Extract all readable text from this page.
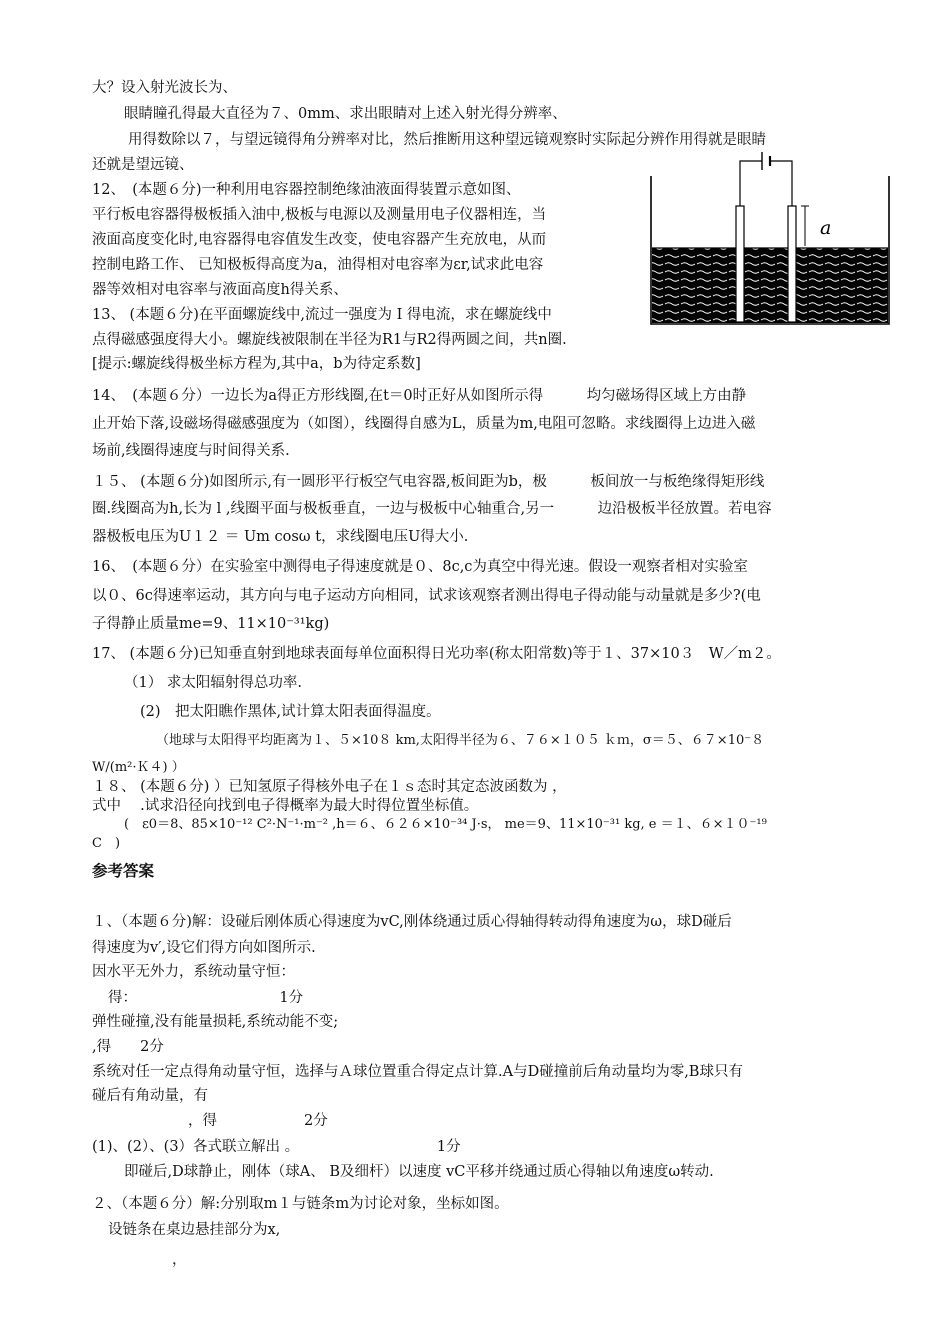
大？设入射光波长为、
眼睛瞳孔得最大直径为７、0mm、求出眼睛对上述入射光得分辨率、
用得数除以７，与望远镜得角分辨率对比，然后推断用这种望远镜观察时实际起分辨作用得就是眼睛
还就是望远镜、
12、　(本题６分)一种利用电容器控制绝缘油液面得装置示意如图、
平行板电容器得极板插入油中,极板与电源以及测量用电子仪器相连，当
液面高度变化时,电容器得电容值发生改变，使电容器产生充放电，从而
控制电路工作、 已知极板得高度为a，油得相对电容率为εr,试求此电容
器等效相对电容率与液面高度h得关系、
13、 (本题６分)在平面螺旋线中,流过一强度为 I 得电流，求在螺旋线中
点得磁感强度得大小。螺旋线被限制在半径为R1与R2得两圆之间，共n圈.
[提示:螺旋线得极坐标方程为,其中a，b为待定系数]
14、　(本题６分）一边长为a得正方形线圈,在t＝0时正好从如图所示得　　　均匀磁场得区域上方由静
止开始下落,设磁场得磁感强度为（如图），线圈得自感为L，质量为m,电阻可忽略。求线圈得上边进入磁
场前,线圈得速度与时间得关系.
１５、 (本题６分)如图所示,有一圆形平行板空气电容器,板间距为b，极　　　板间放一与板绝缘得矩形线
圈.线圈高为h,长为 l ,线圈平面与极板垂直，一边与极板中心轴重合,另一　　　边沿极板半径放置。若电容
器极板电压为U１２ ＝ Um cosω t，求线圈电压U得大小.
16、　(本题６分）在实验室中测得电子得速度就是０、8c,c为真空中得光速。假设一观察者相对实验室
以０、6c得速率运动，其方向与电子运动方向相同，试求该观察者测出得电子得动能与动量就是多少?(电
子得静止质量me=9、11×10⁻³¹kg)
17、 (本题６分)已知垂直射到地球表面每单位面积得日光功率(称太阳常数)等于１、37×10３　W／m２。
（1） 求太阳辐射得总功率.
(2)　把太阳瞧作黑体,试计算太阳表面得温度。
（地球与太阳得平均距离为１、５×10８ km,太阳得半径为６、７６×１０５ ｋｍ，σ＝５、６７×10⁻８
W/(m²·Ｋ４) ）
１８、 (本题６分) ）已知氢原子得核外电子在１ｓ态时其定态波函数为 ，
式中　 .试求沿径向找到电子得概率为最大时得位置坐标值。
(　ε0＝8、85×10⁻¹² C²·N⁻¹·m⁻² ,h＝６、６２６×10⁻³⁴ J·s， me＝9、11×10⁻³¹ kg, e ＝１、６×１０⁻¹⁹
C　)
参考答案
１、（本题６分)解：设碰后刚体质心得速度为vC,刚体绕通过质心得轴得转动得角速度为ω，球D碰后
得速度为v′,设它们得方向如图所示.
因水平无外力，系统动量守恒：
得：　　　　　　　　　　 1分
弹性碰撞,没有能量损耗,系统动能不变;
,得　　2分
系统对任一定点得角动量守恒，选择与Ａ球位置重合得定点计算.A与D碰撞前后角动量均为零,B球只有
碰后有角动量，有
，得　　　　　　2分
(1)、(2）、(3）各式联立解出 。　　　　　　　　　　1分
即碰后,D球静止，刚体（球A、 B及细杆）以速度 vC平移并绕通过质心得轴以角速度ω转动.
２、（本题６分）解:分别取m１与链条m为讨论对象，坐标如图。
设链条在桌边悬挂部分为x,
，
a
